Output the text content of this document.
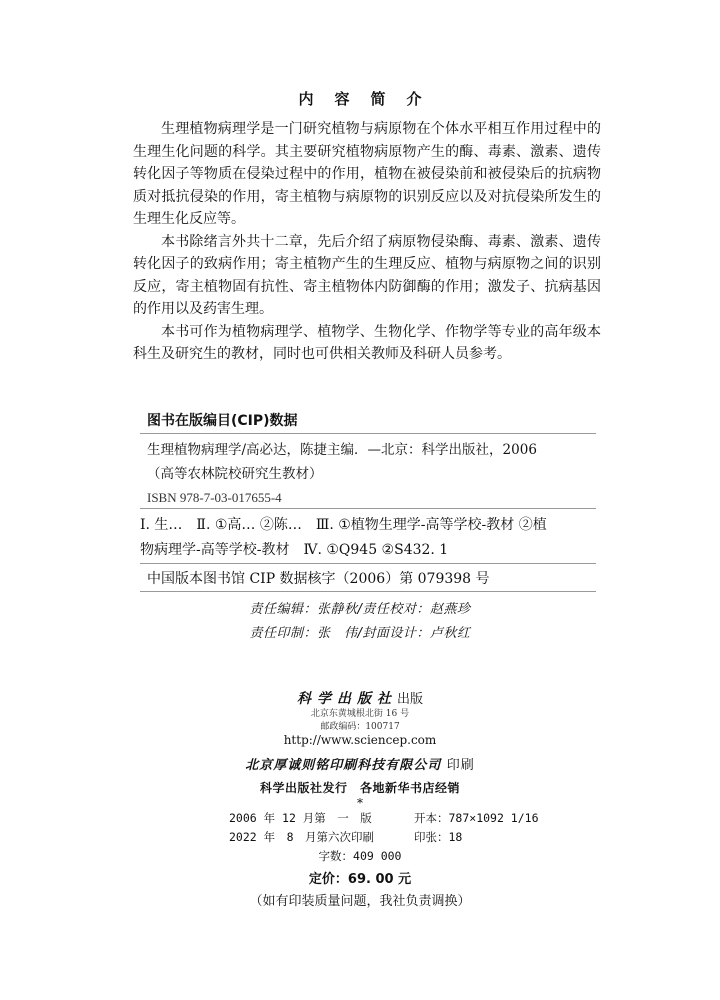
内容简介

生理植物病理学是一门研究植物与病原物在个体水平相互作用过程中的生理生化问题的科学。其主要研究植物病原物产生的酶、毒素、激素、遗传转化因子等物质在侵染过程中的作用，植物在被侵染前和被侵染后的抗病物质对抵抗侵染的作用，寄主植物与病原物的识别反应以及对抗侵染所发生的生理生化反应等。

本书除绪言外共十二章，先后介绍了病原物侵染酶、毒素、激素、遗传转化因子的致病作用；寄主植物产生的生理反应、植物与病原物之间的识别反应，寄主植物固有抗性、寄主植物体内防御酶的作用；激发子、抗病基因的作用以及药害生理。

本书可作为植物病理学、植物学、生物化学、作物学等专业的高年级本科生及研究生的教材，同时也可供相关教师及科研人员参考。

图书在版编目(CIP)数据
生理植物病理学/高必达，陈捷主编．—北京：科学出版社，2006
（高等农林院校研究生教材）
ISBN 978-7-03-017655-4
Ⅰ. 生…　Ⅱ. ①高… ②陈…　Ⅲ. ①植物生理学-高等学校-教材 ②植
物病理学-高等学校-教材　Ⅳ. ①Q945 ②S432. 1
中国版本图书馆 CIP 数据核字（2006）第 079398 号
责任编辑：张静秋/责任校对：赵燕珍
责任印制：张　伟/封面设计：卢秋红
科学出版社出版
北京东黄城根北街 16 号
邮政编码：100717
http://www.sciencep.com
北京厚诚则铭印刷科技有限公司 印刷
科学出版社发行　各地新华书店经销
*
2006 年 12 月第　一　版	开本：787×1092 1/16
2022 年　8　月第六次印刷	印张：18
字数：409 000
定价：69. 00 元
（如有印装质量问题，我社负责调换）
